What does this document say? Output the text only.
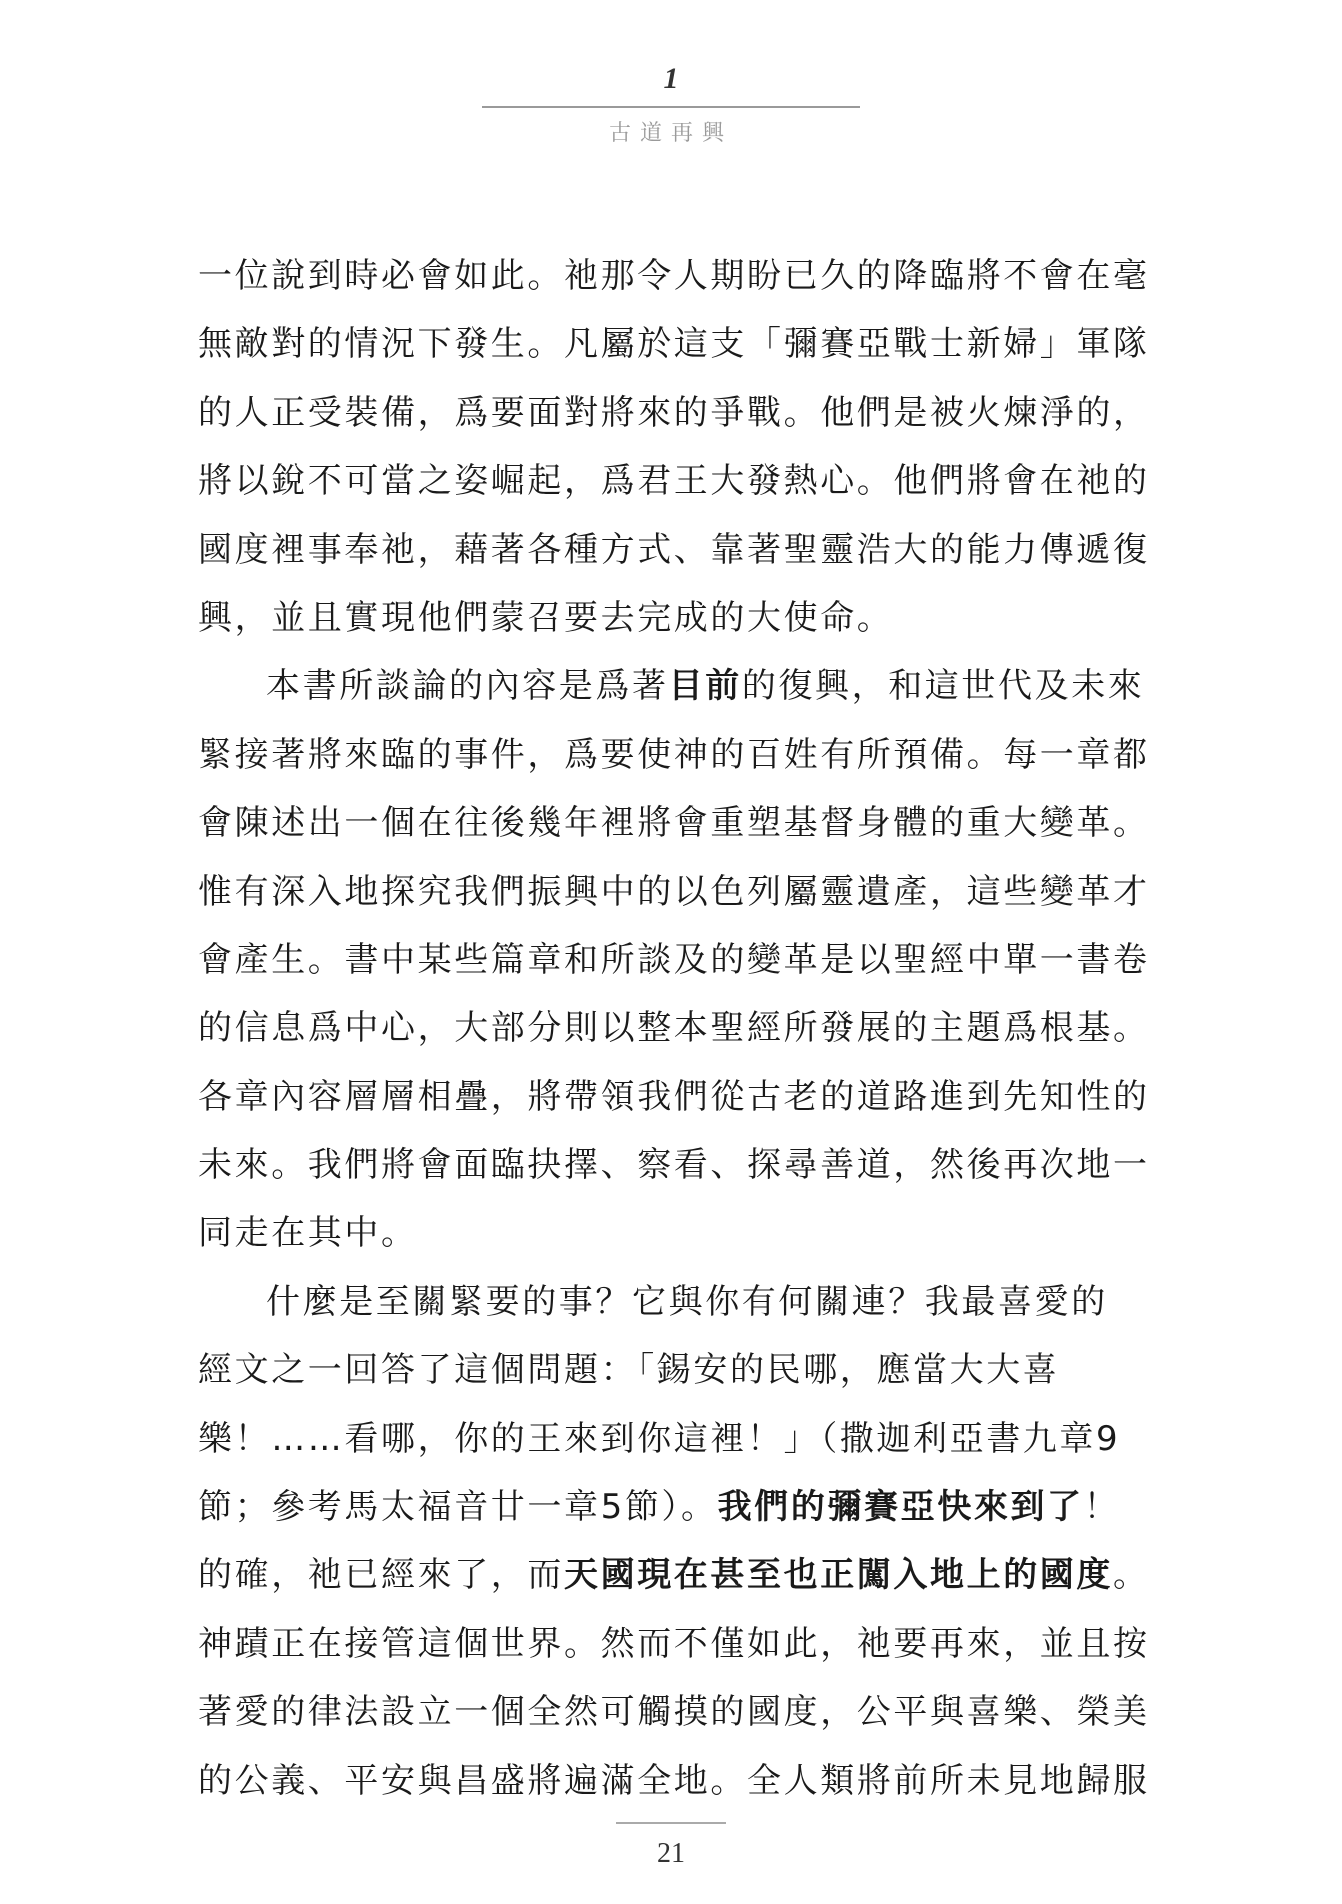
1
古道再興
一位說到時必會如此。祂那令人期盼已久的降臨將不會在毫
無敵對的情況下發生。凡屬於這支「彌賽亞戰士新婦」軍隊
的人正受裝備，爲要面對將來的爭戰。他們是被火煉淨的，
將以銳不可當之姿崛起，爲君王大發熱心。他們將會在祂的
國度裡事奉祂，藉著各種方式、靠著聖靈浩大的能力傳遞復
興，並且實現他們蒙召要去完成的大使命。
本書所談論的內容是爲著目前的復興，和這世代及未來
緊接著將來臨的事件，爲要使神的百姓有所預備。每一章都
會陳述出一個在往後幾年裡將會重塑基督身體的重大變革。
惟有深入地探究我們振興中的以色列屬靈遺產，這些變革才
會產生。書中某些篇章和所談及的變革是以聖經中單一書卷
的信息爲中心，大部分則以整本聖經所發展的主題爲根基。
各章內容層層相疊，將帶領我們從古老的道路進到先知性的
未來。我們將會面臨抉擇、察看、探尋善道，然後再次地一
同走在其中。
什麼是至關緊要的事？它與你有何關連？我最喜愛的
經文之一回答了這個問題：「錫安的民哪，應當大大喜
樂！……看哪，你的王來到你這裡！」（撒迦利亞書九章9
節；參考馬太福音廿一章5節）。我們的彌賽亞快來到了！
的確，祂已經來了，而天國現在甚至也正闖入地上的國度。
神蹟正在接管這個世界。然而不僅如此，祂要再來，並且按
著愛的律法設立一個全然可觸摸的國度，公平與喜樂、榮美
的公義、平安與昌盛將遍滿全地。全人類將前所未見地歸服
21
